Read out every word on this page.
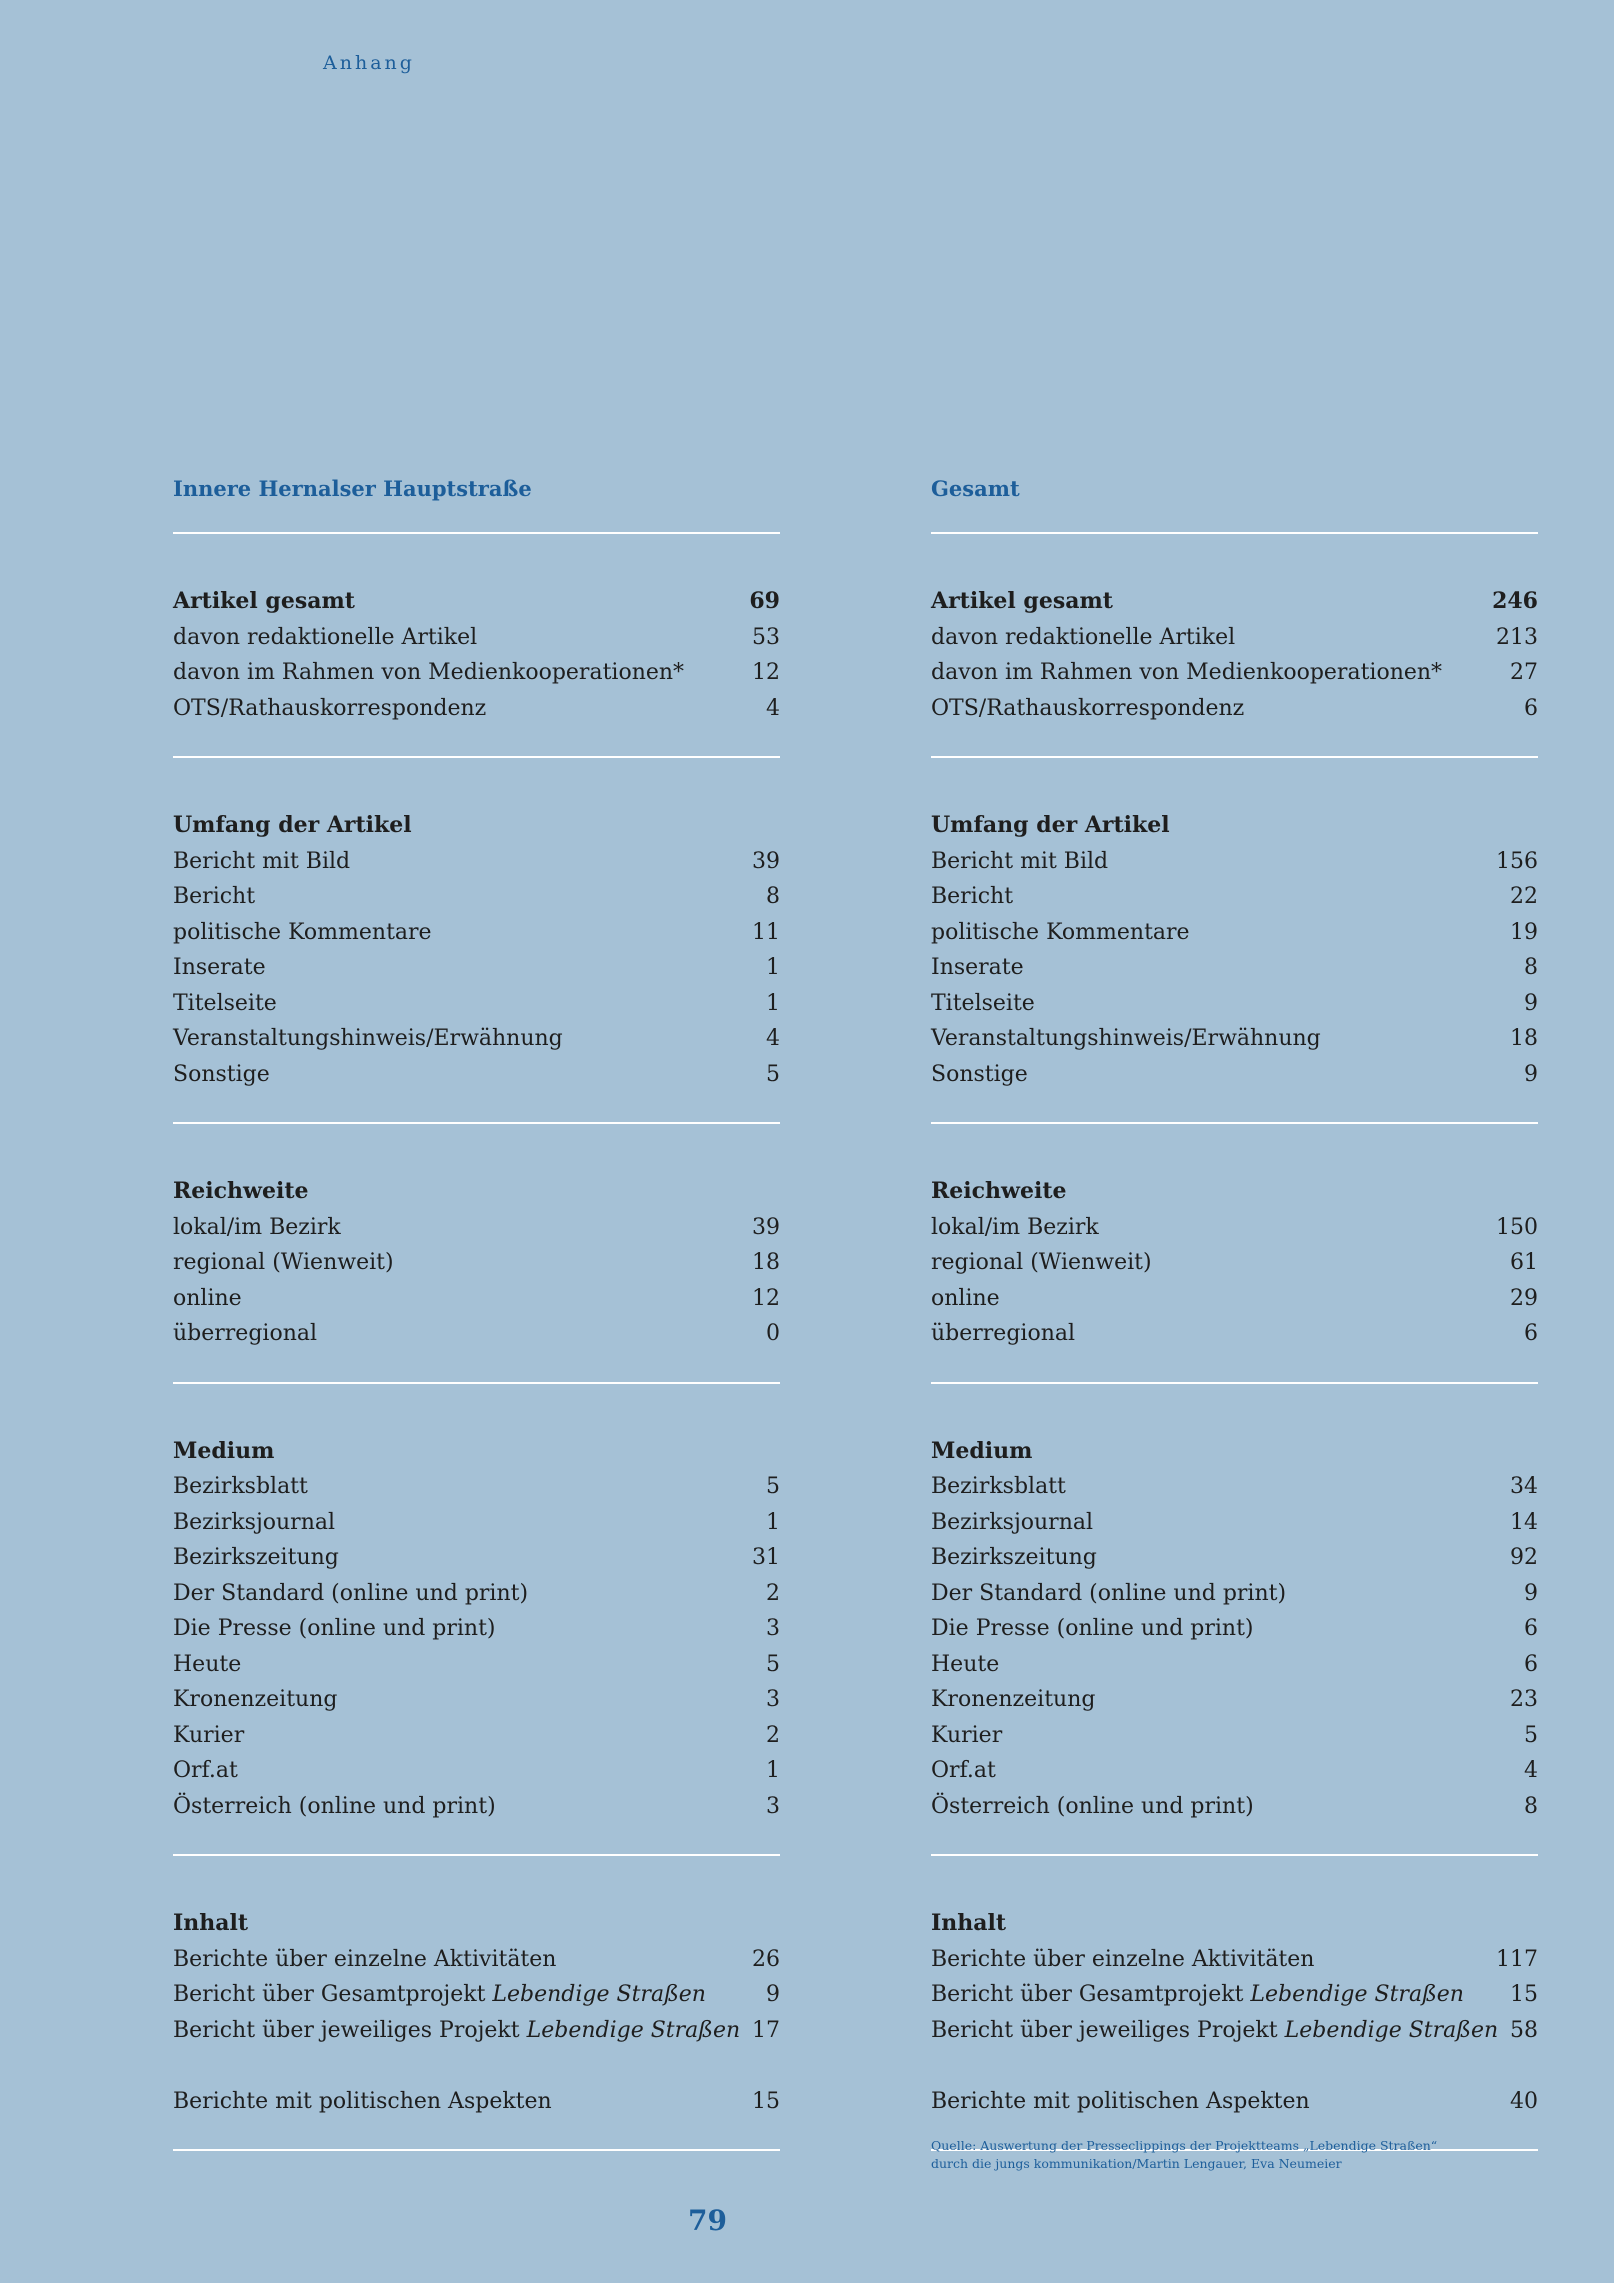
Anhang
Innere Hernalser Hauptstraße
Artikel gesamt	69
davon redaktionelle Artikel	53
davon im Rahmen von Medienkooperationen*	12
OTS/Rathauskorrespondenz	4
Umfang der Artikel
Bericht mit Bild	39
Bericht	8
politische Kommentare	11
Inserate	1
Titelseite	1
Veranstaltungshinweis/Erwähnung	4
Sonstige	5
Reichweite
lokal/im Bezirk	39
regional (Wienweit)	18
online	12
überregional	0
Medium
Bezirksblatt	5
Bezirksjournal	1
Bezirkszeitung	31
Der Standard (online und print)	2
Die Presse (online und print)	3
Heute	5
Kronenzeitung	3
Kurier	2
Orf.at	1
Österreich (online und print)	3
Inhalt
Berichte über einzelne Aktivitäten	26
Bericht über Gesamtprojekt Lebendige Straßen	9
Bericht über jeweiliges Projekt Lebendige Straßen 17
Berichte mit politischen Aspekten	15
Gesamt
Artikel gesamt	246
davon redaktionelle Artikel	213
davon im Rahmen von Medienkooperationen*	27
OTS/Rathauskorrespondenz	6
Umfang der Artikel
Bericht mit Bild	156
Bericht	22
politische Kommentare	19
Inserate	8
Titelseite	9
Veranstaltungshinweis/Erwähnung	18
Sonstige	9
Reichweite
lokal/im Bezirk	150
regional (Wienweit)	61
online	29
überregional	6
Medium
Bezirksblatt	34
Bezirksjournal	14
Bezirkszeitung	92
Der Standard (online und print)	9
Die Presse (online und print)	6
Heute	6
Kronenzeitung	23
Kurier	5
Orf.at	4
Österreich (online und print)	8
Inhalt
Berichte über einzelne Aktivitäten	117
Bericht über Gesamtprojekt Lebendige Straßen 15
Bericht über jeweiliges Projekt Lebendige Straßen 58
Berichte mit politischen Aspekten	40
Quelle: Auswertung der Presseclippings der Projektteams „Lebendige Straßen“
durch die jungs kommunikation/Martin Lengauer, Eva Neumeier
79
